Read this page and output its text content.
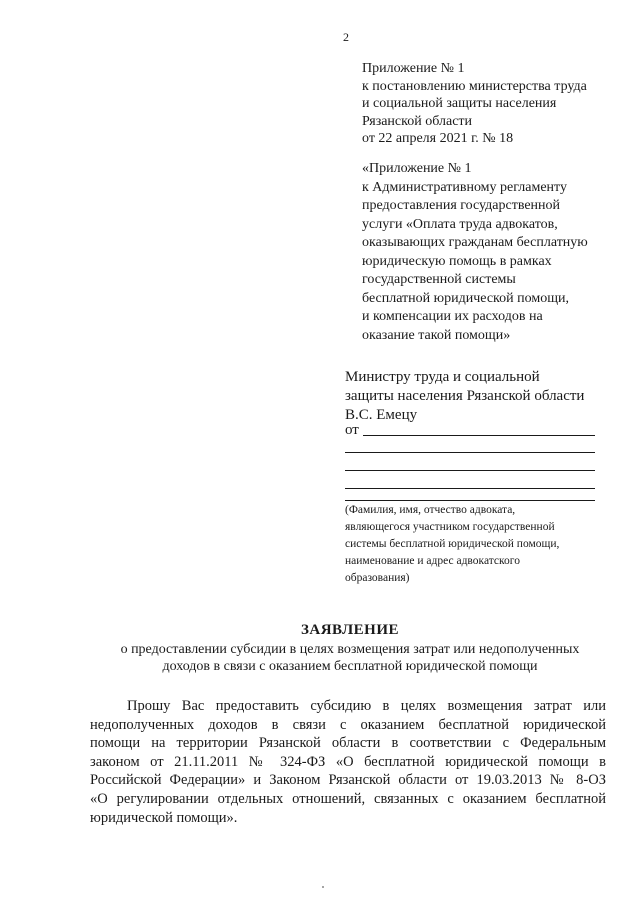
2
Приложение № 1
к постановлению министерства труда
и социальной защиты населения
Рязанской области
от 22 апреля 2021 г. № 18
«Приложение № 1
к Административному регламенту
предоставления государственной
услуги «Оплата труда адвокатов,
оказывающих гражданам бесплатную
юридическую помощь в рамках
государственной системы
бесплатной юридической помощи,
и компенсации их расходов на
оказание такой помощи»
Министру труда и социальной
защиты населения Рязанской области
В.С. Емецу
от
(Фамилия, имя, отчество адвоката,
являющегося участником государственной
системы бесплатной юридической помощи,
наименование и адрес адвокатского
образования)
ЗАЯВЛЕНИЕ
о предоставлении субсидии в целях возмещения затрат или недополученных
доходов в связи с оказанием бесплатной юридической помощи
Прошу Вас предоставить субсидию в целях возмещения затрат или
недополученных доходов в связи с оказанием бесплатной юридической
помощи на территории Рязанской области в соответствии с Федеральным
законом от 21.11.2011 № 324-ФЗ «О бесплатной юридической помощи в
Российской Федерации» и Законом Рязанской области от 19.03.2013 № 8-ОЗ
«О регулировании отдельных отношений, связанных с оказанием бесплатной
юридической помощи».
